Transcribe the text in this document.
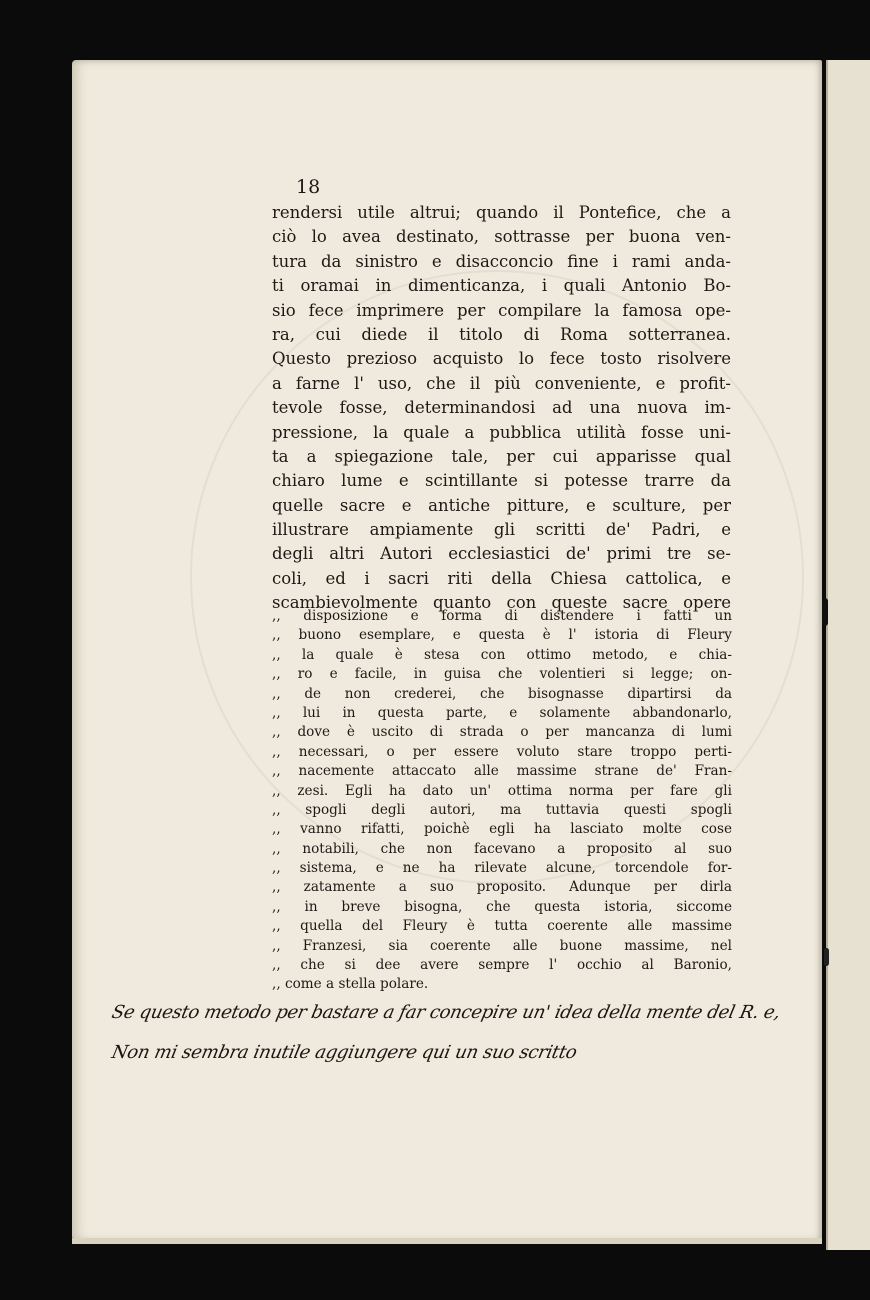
18
rendersi utile altrui; quando il Pontefice, che a
ciò lo avea destinato, sottrasse per buona ven-
tura da sinistro e disacconcio fine i rami anda-
ti oramai in dimenticanza, i quali Antonio Bo-
sio fece imprimere per compilare la famosa ope-
ra, cui diede il titolo di Roma sotterranea.
Questo prezioso acquisto lo fece tosto risolvere
a farne l' uso, che il più conveniente, e profit-
tevole fosse, determinandosi ad una nuova im-
pressione, la quale a pubblica utilità fosse uni-
ta a spiegazione tale, per cui apparisse qual
chiaro lume e scintillante si potesse trarre da
quelle sacre e antiche pitture, e sculture, per
illustrare ampiamente gli scritti de' Padri, e
degli altri Autori ecclesiastici de' primi tre se-
coli, ed i sacri riti della Chiesa cattolica, e
scambievolmente quanto con queste sacre opere
,, disposizione e forma di distendere i fatti un
,, buono esemplare, e questa è l' istoria di Fleury
,, la quale è stesa con ottimo metodo, e chia-
,, ro e facile, in guisa che volentieri si legge; on-
,, de non crederei, che bisognasse dipartirsi da
,, lui in questa parte, e solamente abbandonarlo,
,, dove è uscito di strada o per mancanza di lumi
,, necessari, o per essere voluto stare troppo perti-
,, nacemente attaccato alle massime strane de' Fran-
,, zesi. Egli ha dato un' ottima norma per fare gli
,, spogli degli autori, ma tuttavia questi spogli
,, vanno rifatti, poichè egli ha lasciato molte cose
,, notabili, che non facevano a proposito al suo
,, sistema, e ne ha rilevate alcune, torcendole for-
,, zatamente a suo proposito. Adunque per dirla
,, in breve bisogna, che questa istoria, siccome
,, quella del Fleury è tutta coerente alle massime
,, Franzesi, sia coerente alle buone massime, nel
,, che si dee avere sempre l' occhio al Baronio,
,, come a stella polare.
Se questo metodo per bastare a far concepire un' idea della mente del R. e,
Non mi sembra inutile aggiungere qui un suo scritto
